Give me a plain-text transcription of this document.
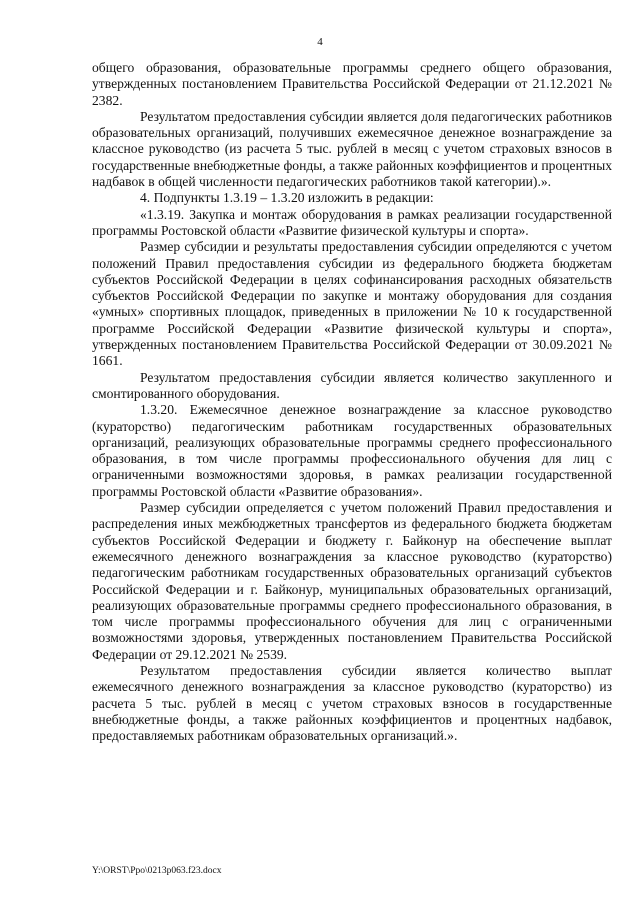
4

общего образования, образовательные программы среднего общего образования, утвержденных постановлением Правительства Российской Федерации от 21.12.2021 № 2382.

Результатом предоставления субсидии является доля педагогических работников образовательных организаций, получивших ежемесячное денежное вознаграждение за классное руководство (из расчета 5 тыс. рублей в месяц с учетом страховых взносов в государственные внебюджетные фонды, а также районных коэффициентов и процентных надбавок в общей численности педагогических работников такой категории).».

4. Подпункты 1.3.19 – 1.3.20 изложить в редакции:

«1.3.19. Закупка и монтаж оборудования в рамках реализации государственной программы Ростовской области «Развитие физической культуры и спорта».

Размер субсидии и результаты предоставления субсидии определяются с учетом положений Правил предоставления субсидии из федерального бюджета бюджетам субъектов Российской Федерации в целях софинансирования расходных обязательств субъектов Российской Федерации по закупке и монтажу оборудования для создания «умных» спортивных площадок, приведенных в приложении № 10 к государственной программе Российской Федерации «Развитие физической культуры и спорта», утвержденных постановлением Правительства Российской Федерации от 30.09.2021 № 1661.

Результатом предоставления субсидии является количество закупленного и смонтированного оборудования.

1.3.20. Ежемесячное денежное вознаграждение за классное руководство (кураторство) педагогическим работникам государственных образовательных организаций, реализующих образовательные программы среднего профессионального образования, в том числе программы профессионального обучения для лиц с ограниченными возможностями здоровья, в рамках реализации государственной программы Ростовской области «Развитие образования».

Размер субсидии определяется с учетом положений Правил предоставления и распределения иных межбюджетных трансфертов из федерального бюджета бюджетам субъектов Российской Федерации и бюджету г. Байконур на обеспечение выплат ежемесячного денежного вознаграждения за классное руководство (кураторство) педагогическим работникам государственных образовательных организаций субъектов Российской Федерации и г. Байконур, муниципальных образовательных организаций, реализующих образовательные программы среднего профессионального образования, в том числе программы профессионального обучения для лиц с ограниченными возможностями здоровья, утвержденных постановлением Правительства Российской Федерации от 29.12.2021 № 2539.

Результатом предоставления субсидии является количество выплат ежемесячного денежного вознаграждения за классное руководство (кураторство) из расчета 5 тыс. рублей в месяц с учетом страховых взносов в государственные внебюджетные фонды, а также районных коэффициентов и процентных надбавок, предоставляемых работникам образовательных организаций.».

Y:\ORST\Ppo\0213p063.f23.docx
